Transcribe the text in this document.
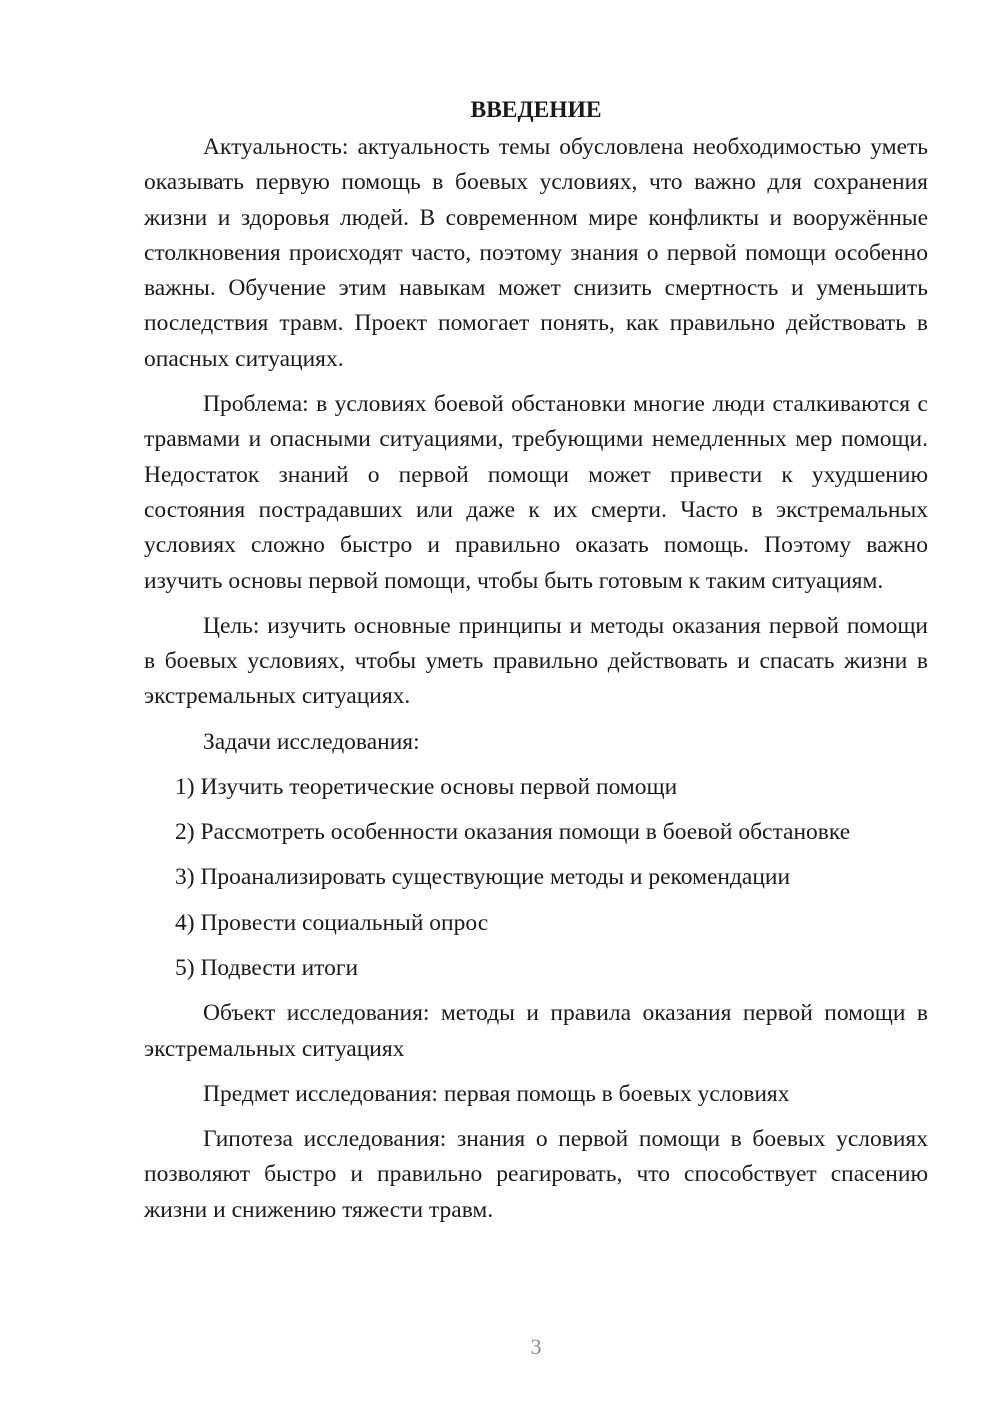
ВВЕДЕНИЕ

Актуальность: актуальность темы обусловлена необходимостью уметь оказывать первую помощь в боевых условиях, что важно для сохранения жизни и здоровья людей. В современном мире конфликты и вооружённые столкновения происходят часто, поэтому знания о первой помощи особенно важны. Обучение этим навыкам может снизить смертность и уменьшить последствия травм. Проект помогает понять, как правильно действовать в опасных ситуациях.

Проблема: в условиях боевой обстановки многие люди сталкиваются с травмами и опасными ситуациями, требующими немедленных мер помощи. Недостаток знаний о первой помощи может привести к ухудшению состояния пострадавших или даже к их смерти. Часто в экстремальных условиях сложно быстро и правильно оказать помощь. Поэтому важно изучить основы первой помощи, чтобы быть готовым к таким ситуациям.

Цель: изучить основные принципы и методы оказания первой помощи в боевых условиях, чтобы уметь правильно действовать и спасать жизни в экстремальных ситуациях.

Задачи исследования:

1) Изучить теоретические основы первой помощи
2) Рассмотреть особенности оказания помощи в боевой обстановке
3) Проанализировать существующие методы и рекомендации
4) Провести социальный опрос
5) Подвести итоги

Объект исследования: методы и правила оказания первой помощи в экстремальных ситуациях

Предмет исследования: первая помощь в боевых условиях

Гипотеза исследования: знания о первой помощи в боевых условиях позволяют быстро и правильно реагировать, что способствует спасению жизни и снижению тяжести травм.

3
